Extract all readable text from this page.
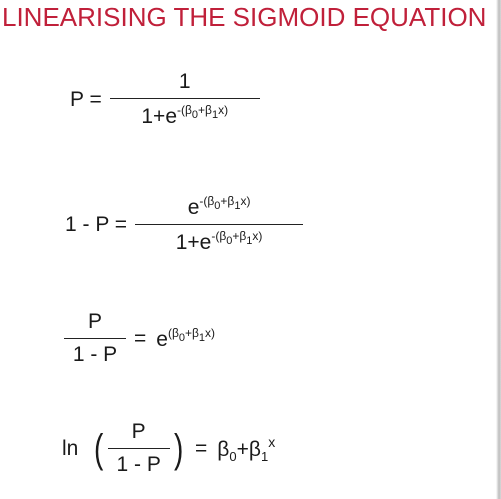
LINEARISING THE SIGMOID EQUATION
$P = \frac{1}{1+e^{-(\beta 0+\beta 1x)}}$
$1 - P = \frac{e^{-(\beta 0+\beta 1x)}}{1+e^{-(\beta 0+\beta 1x)}}$
$\frac{P}{1 - P} = e^{(\beta 0+\beta 1x)}$
ln ( $\frac{P}{1 - P}$ ) = $\beta_0+\beta_1^x$
